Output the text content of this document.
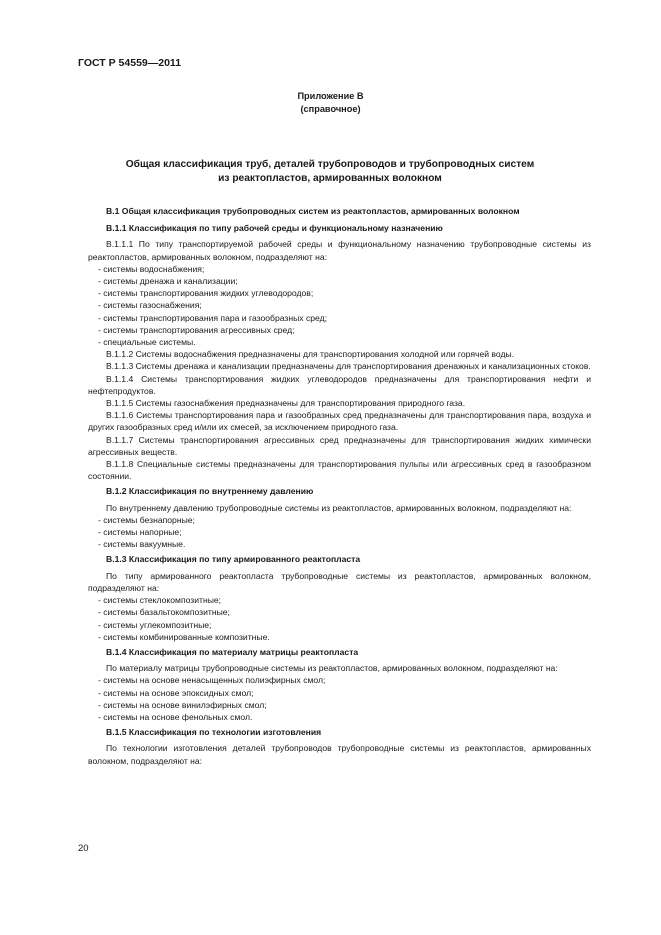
ГОСТ Р 54559—2011
Приложение В
(справочное)
Общая классификация труб, деталей трубопроводов и трубопроводных систем
из реактопластов, армированных волокном
В.1 Общая классификация трубопроводных систем из реактопластов, армированных волокном
В.1.1 Классификация по типу рабочей среды и функциональному назначению

В.1.1.1 По типу транспортируемой рабочей среды и функциональному назначению трубопроводные системы из реактопластов, армированных волокном, подразделяют на:

- системы водоснабжения;
- системы дренажа и канализации;
- системы транспортирования жидких углеводородов;
- системы газоснабжения;
- системы транспортирования пара и газообразных сред;
- системы транспортирования агрессивных сред;
- специальные системы.

В.1.1.2 Системы водоснабжения предназначены для транспортирования холодной или горячей воды.

В.1.1.3 Системы дренажа и канализации предназначены для транспортирования дренажных и канализационных стоков.

В.1.1.4 Системы транспортирования жидких углеводородов предназначены для транспортирования нефти и нефтепродуктов.

В.1.1.5 Системы газоснабжения предназначены для транспортирования природного газа.

В.1.1.6 Системы транспортирования пара и газообразных сред предназначены для транспортирования пара, воздуха и других газообразных сред и/или их смесей, за исключением природного газа.

В.1.1.7 Системы транспортирования агрессивных сред предназначены для транспортирования жидких химически агрессивных веществ.

В.1.1.8 Специальные системы предназначены для транспортирования пульпы или агрессивных сред в газообразном состоянии.

В.1.2 Классификация по внутреннему давлению

По внутреннему давлению трубопроводные системы из реактопластов, армированных волокном, подразделяют на:

- системы безнапорные;
- системы напорные;
- системы вакуумные.
В.1.3 Классификация по типу армированного реактопласта

По типу армированного реактопласта трубопроводные системы из реактопластов, армированных волокном, подразделяют на:

- системы стеклокомпозитные;
- системы базальтокомпозитные;
- системы углекомпозитные;
- системы комбинированные композитные.
В.1.4 Классификация по материалу матрицы реактопласта

По материалу матрицы трубопроводные системы из реактопластов, армированных волокном, подразделяют на:

- системы на основе ненасыщенных полиэфирных смол;
- системы на основе эпоксидных смол;
- системы на основе винилэфирных смол;
- системы на основе фенольных смол.
В.1.5 Классификация по технологии изготовления

По технологии изготовления деталей трубопроводов трубопроводные системы из реактопластов, армированных волокном, подразделяют на:

20
